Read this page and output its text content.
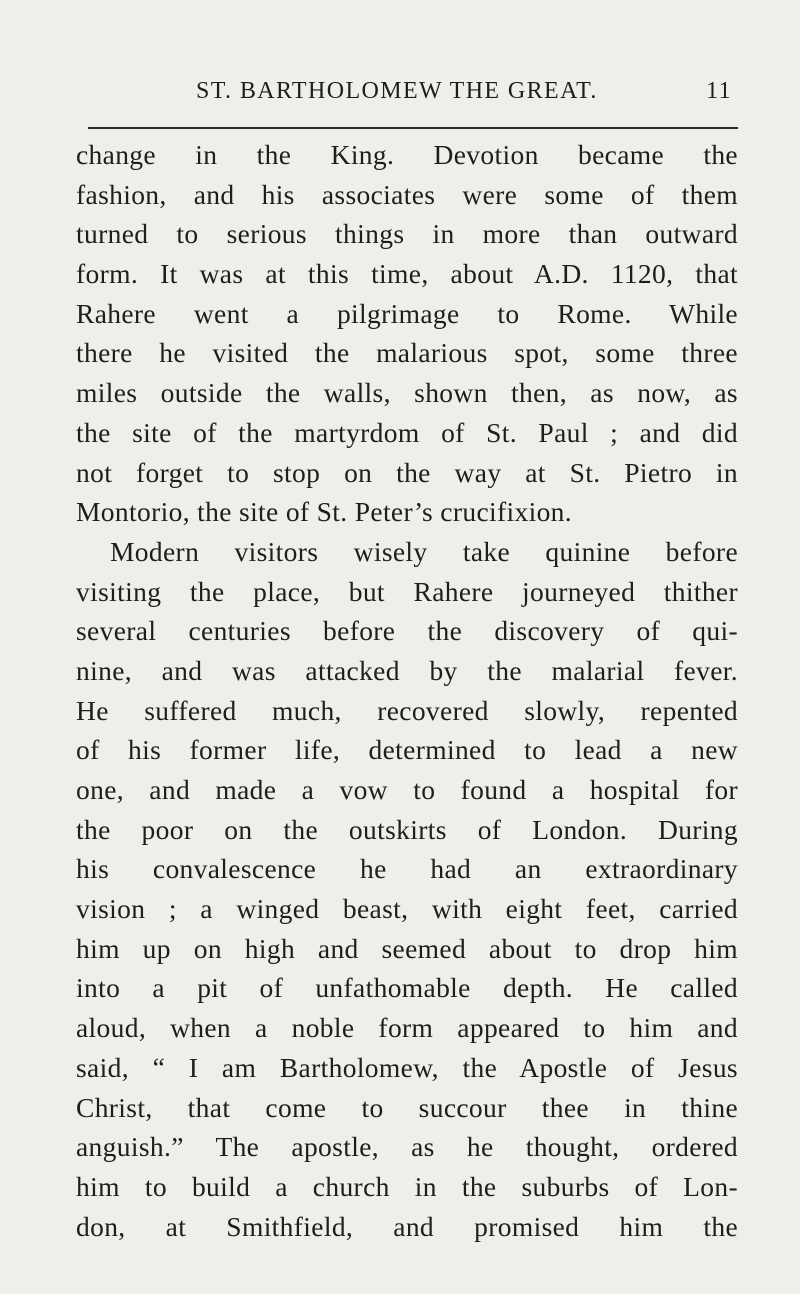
ST. BARTHOLOMEW THE GREAT.	11
change in the King. Devotion became the
fashion, and his associates were some of them
turned to serious things in more than outward
form. It was at this time, about A.D. 1120, that
Rahere went a pilgrimage to Rome. While
there he visited the malarious spot, some three
miles outside the walls, shown then, as now, as
the site of the martyrdom of St. Paul ; and did
not forget to stop on the way at St. Pietro in
Montorio, the site of St. Peter’s crucifixion.
Modern visitors wisely take quinine before
visiting the place, but Rahere journeyed thither
several centuries before the discovery of qui-
nine, and was attacked by the malarial fever.
He suffered much, recovered slowly, repented
of his former life, determined to lead a new
one, and made a vow to found a hospital for
the poor on the outskirts of London. During
his convalescence he had an extraordinary
vision ; a winged beast, with eight feet, carried
him up on high and seemed about to drop him
into a pit of unfathomable depth. He called
aloud, when a noble form appeared to him and
said, “ I am Bartholomew, the Apostle of Jesus
Christ, that come to succour thee in thine
anguish.” The apostle, as he thought, ordered
him to build a church in the suburbs of Lon-
don, at Smithfield, and promised him the
